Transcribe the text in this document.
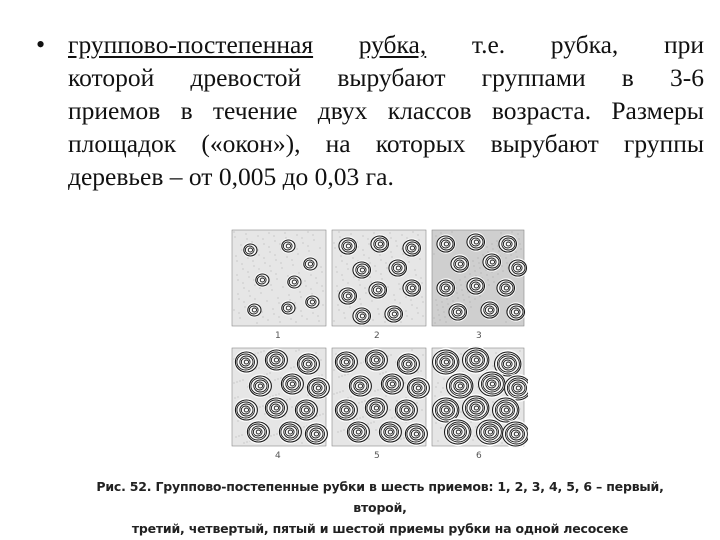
• групповo-постепенная рубка, т.е. рубка, при
которой древостой вырубают группами в 3-6
приемов в течение двух классов возраста. Размеры
площадок («окон»), на которых вырубают группы
деревьев – от 0,005 до 0,03 га.
1	2	3
4	5	6
Рис. 52. Группово-постепенные рубки в шесть приемов: 1, 2, 3, 4, 5, 6 – первый, второй,
третий, четвертый, пятый и шестой приемы рубки на одной лесосеке
